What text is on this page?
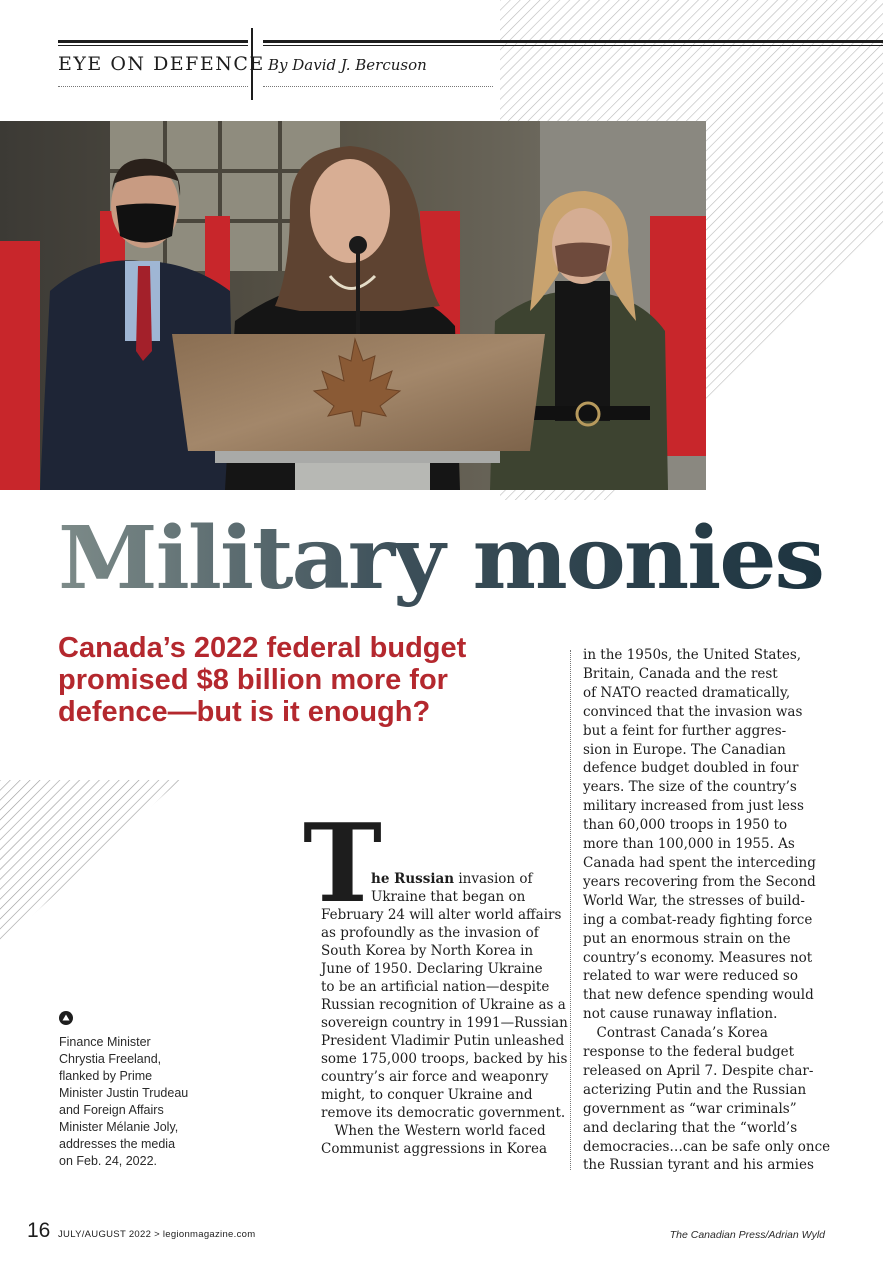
EYE ON DEFENCE By David J. Bercuson
Military monies
Canada’s 2022 federal budget
promised $8 billion more for
defence—but is it enough?
Finance Minister
Chrystia Freeland,
flanked by Prime
Minister Justin Trudeau
and Foreign Affairs
Minister Mélanie Joly,
addresses the media
on Feb. 24, 2022.
T
he Russian invasion of
Ukraine that began on
February 24 will alter world affairs
as profoundly as the invasion of
South Korea by North Korea in
June of 1950. Declaring Ukraine
to be an artificial nation—despite
Russian recognition of Ukraine as a
sovereign country in 1991—Russian
President Vladimir Putin unleashed
some 175,000 troops, backed by his
country’s air force and weaponry
might, to conquer Ukraine and
remove its democratic government.
 When the Western world faced
Communist aggressions in Korea
in the 1950s, the United States,
Britain, Canada and the rest
of NATO reacted dramatically,
convinced that the invasion was
but a feint for further aggres-
sion in Europe. The Canadian
defence budget doubled in four
years. The size of the country’s
military increased from just less
than 60,000 troops in 1950 to
more than 100,000 in 1955. As
Canada had spent the interceding
years recovering from the Second
World War, the stresses of build-
ing a combat-ready fighting force
put an enormous strain on the
country’s economy. Measures not
related to war were reduced so
that new defence spending would
not cause runaway inflation.
 Contrast Canada’s Korea
response to the federal budget
released on April 7. Despite char-
acterizing Putin and the Russian
government as “war criminals”
and declaring that the “world’s
democracies…can be safe only once
the Russian tyrant and his armies
16 JULY/AUGUST 2022 > legionmagazine.com	The Canadian Press/Adrian Wyld
